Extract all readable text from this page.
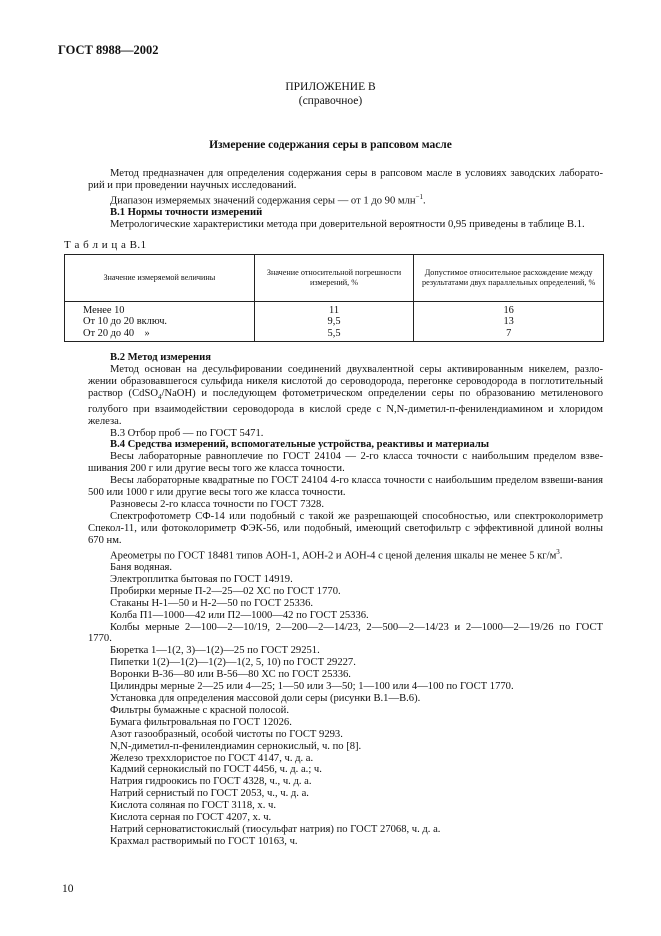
ГОСТ 8988—2002
ПРИЛОЖЕНИЕ В
(справочное)
Измерение содержания серы в рапсовом масле

Метод предназначен для определения содержания серы в рапсовом масле в условиях заводских лаборато-рий и при проведении научных исследований.

Диапазон измеряемых значений содержания серы — от 1 до 90 млн$^{-1}$.

В.1 Нормы точности измерений

Метрологические характеристики метода при доверительной вероятности 0,95 приведены в таблице В.1.

Т а б л и ц а В.1
Значение измеряемой величины	Значение относительной погрешности измерений, %	Допустимое относительное расхождение между результатами двух параллельных определений, %
Менее 10	11	16
От 10 до 20 включ.	9,5	13
От 20 до 40    »	5,5	7

В.2 Метод измерения

Метод основан на десульфировании соединений двухвалентной серы активированным никелем, разло-жении образовавшегося сульфида никеля кислотой до сероводорода, перегонке сероводорода в поглотительный раствор (CdSO$_4$/NaOH) и последующем фотометрическом определении серы по образованию метиленового голубого при взаимодействии сероводорода в кислой среде с N,N-диметил-п-фенилендиамином и хлоридом железа.

В.3 Отбор проб — по ГОСТ 5471.

В.4 Средства измерений, вспомогательные устройства, реактивы и материалы

Весы лабораторные равноплечие по ГОСТ 24104 — 2-го класса точности с наибольшим пределом взве-шивания 200 г или другие весы того же класса точности.

Весы лабораторные квадратные по ГОСТ 24104 4-го класса точности с наибольшим пределом взвеши-вания 500 или 1000 г или другие весы того же класса точности.

Разновесы 2-го класса точности по ГОСТ 7328.

Спектрофотометр СФ-14 или подобный с такой же разрешающей способностью, или спектроколориметр Спекол-11, или фотоколориметр ФЭК-56, или подобный, имеющий светофильтр с эффективной длиной волны 670 нм.

Ареометры по ГОСТ 18481 типов АОН-1, АОН-2 и АОН-4 с ценой деления шкалы не менее 5 $кг/м^3$.

Баня водяная.

Электроплитка бытовая по ГОСТ 14919.

Пробирки мерные П-2—25—02 ХС по ГОСТ 1770.

Стаканы Н-1—50 и Н-2—50 по ГОСТ 25336.

Колба П1—1000—42 или П2—1000—42 по ГОСТ 25336.

Колбы мерные 2—100—2—10/19, 2—200—2—14/23, 2—500—2—14/23 и 2—1000—2—19/26 по ГОСТ 1770.

Бюретка 1—1(2, 3)—1(2)—25 по ГОСТ 29251.

Пипетки 1(2)—1(2)—1(2)—1(2, 5, 10) по ГОСТ 29227.

Воронки В-36—80 или В-56—80 ХС по ГОСТ 25336.

Цилиндры мерные 2—25 или 4—25; 1—50 или 3—50; 1—100 или 4—100 по ГОСТ 1770.

Установка для определения массовой доли серы (рисунки В.1—В.6).

Фильтры бумажные с красной полосой.

Бумага фильтровальная по ГОСТ 12026.

Азот газообразный, особой чистоты по ГОСТ 9293.

N,N-диметил-п-фенилендиамин сернокислый, ч. по [8].

Железо треххлористое по ГОСТ 4147, ч. д. а.

Кадмий сернокислый по ГОСТ 4456, ч. д. а.; ч.

Натрия гидроокись по ГОСТ 4328, ч., ч. д. а.

Натрий сернистый по ГОСТ 2053, ч., ч. д. а.

Кислота соляная по ГОСТ 3118, х. ч.

Кислота серная по ГОСТ 4207, х. ч.

Натрий серноватистокислый (тиосульфат натрия) по ГОСТ 27068, ч. д. а.

Крахмал растворимый по ГОСТ 10163, ч.

10
